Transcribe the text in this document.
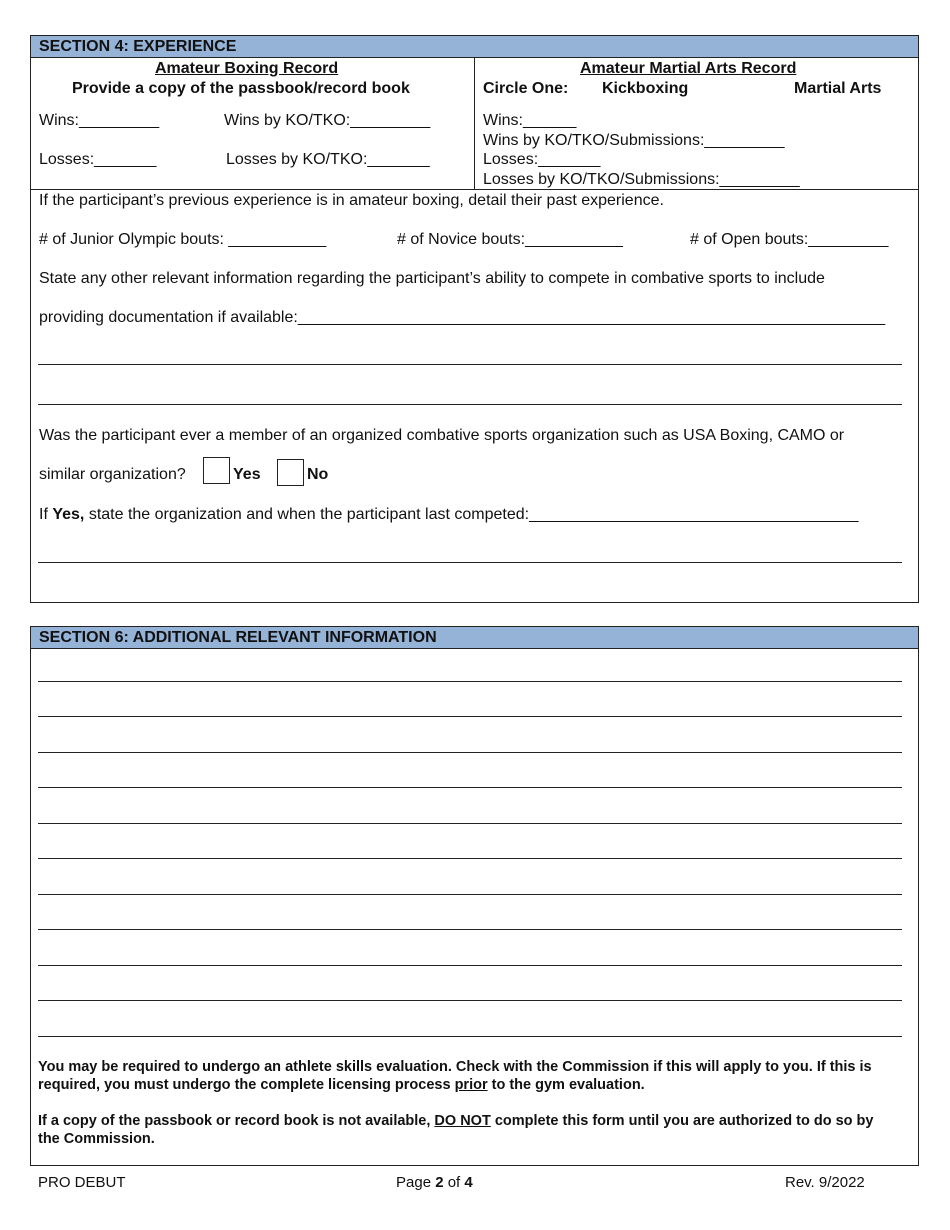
SECTION 4: EXPERIENCE
Amateur Boxing Record
Provide a copy of the passbook/record book
Wins:_________	Wins by KO/TKO:_________
Losses:_______	Losses by KO/TKO:_______
Amateur Martial Arts Record
Circle One: Kickboxing	Martial Arts
Wins:______
Wins by KO/TKO/Submissions:_________
Losses:_______
Losses by KO/TKO/Submissions:_________
If the participant’s previous experience is in amateur boxing, detail their past experience.
# of Junior Olympic bouts: ___________	# of Novice bouts:___________	# of Open bouts:_________
State any other relevant information regarding the participant’s ability to compete in combative sports to include
providing documentation if available:__________________________________________________________________
Was the participant ever a member of an organized combative sports organization such as USA Boxing, CAMO or
similar organization?	Yes	No
If Yes, state the organization and when the participant last competed:_____________________________________
SECTION 6: ADDITIONAL RELEVANT INFORMATION
You may be required to undergo an athlete skills evaluation. Check with the Commission if this will apply to you. If this is required, you must undergo the complete licensing process prior to the gym evaluation.
If a copy of the passbook or record book is not available, DO NOT complete this form until you are authorized to do so by the Commission.
PRO DEBUT	Page 2 of 4	Rev. 9/2022
